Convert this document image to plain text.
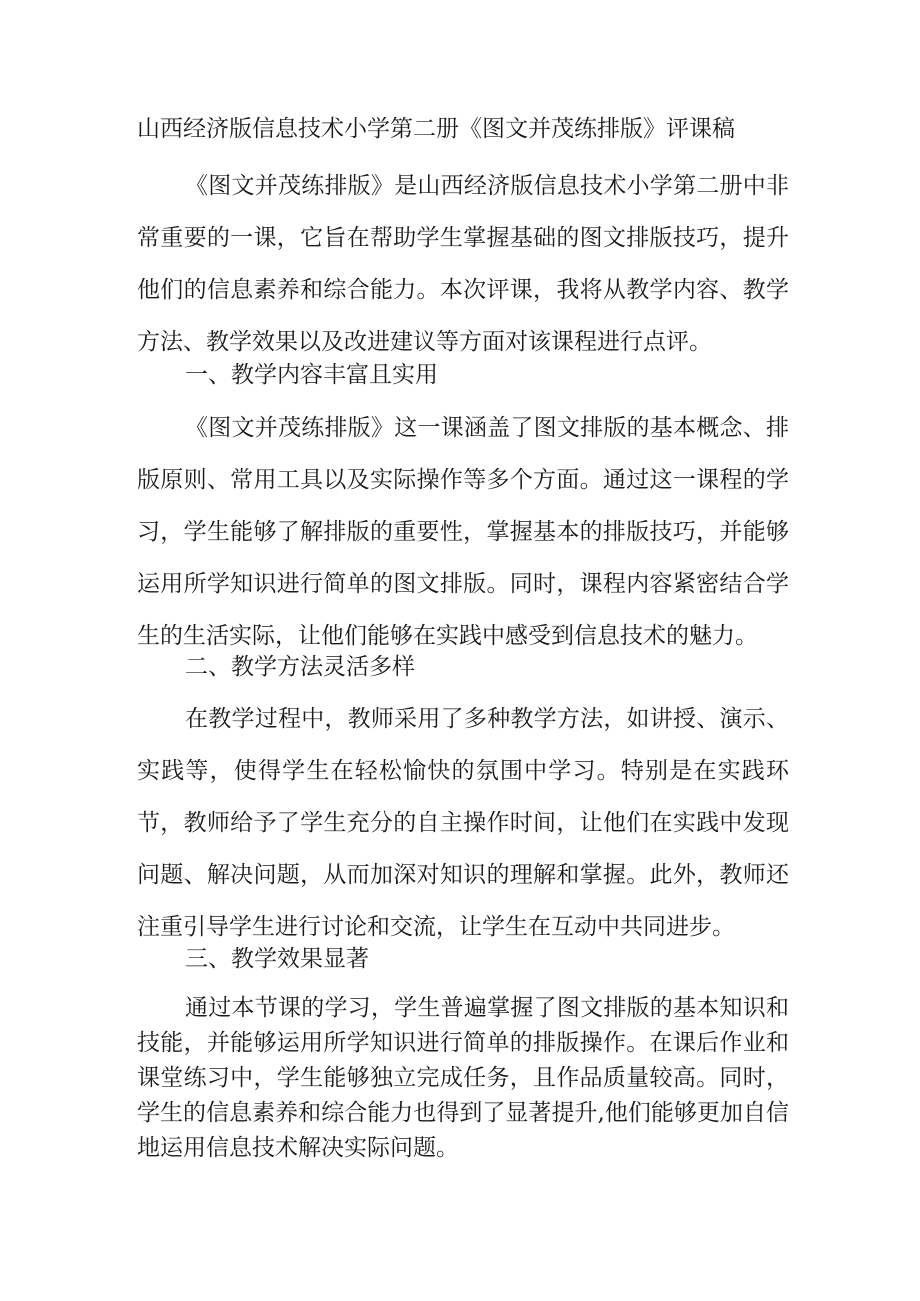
山西经济版信息技术小学第二册《图文并茂练排版》评课稿
《图文并茂练排版》是山西经济版信息技术小学第二册中非常重要的一课，它旨在帮助学生掌握基础的图文排版技巧，提升他们的信息素养和综合能力。本次评课，我将从教学内容、教学方法、教学效果以及改进建议等方面对该课程进行点评。
一、教学内容丰富且实用
《图文并茂练排版》这一课涵盖了图文排版的基本概念、排版原则、常用工具以及实际操作等多个方面。通过这一课程的学习，学生能够了解排版的重要性，掌握基本的排版技巧，并能够运用所学知识进行简单的图文排版。同时，课程内容紧密结合学生的生活实际，让他们能够在实践中感受到信息技术的魅力。
二、教学方法灵活多样
在教学过程中，教师采用了多种教学方法，如讲授、演示、实践等，使得学生在轻松愉快的氛围中学习。特别是在实践环节，教师给予了学生充分的自主操作时间，让他们在实践中发现问题、解决问题，从而加深对知识的理解和掌握。此外，教师还注重引导学生进行讨论和交流，让学生在互动中共同进步。
三、教学效果显著
通过本节课的学习，学生普遍掌握了图文排版的基本知识和技能，并能够运用所学知识进行简单的排版操作。在课后作业和课堂练习中，学生能够独立完成任务，且作品质量较高。同时，学生的信息素养和综合能力也得到了显著提升,他们能够更加自信地运用信息技术解决实际问题。
